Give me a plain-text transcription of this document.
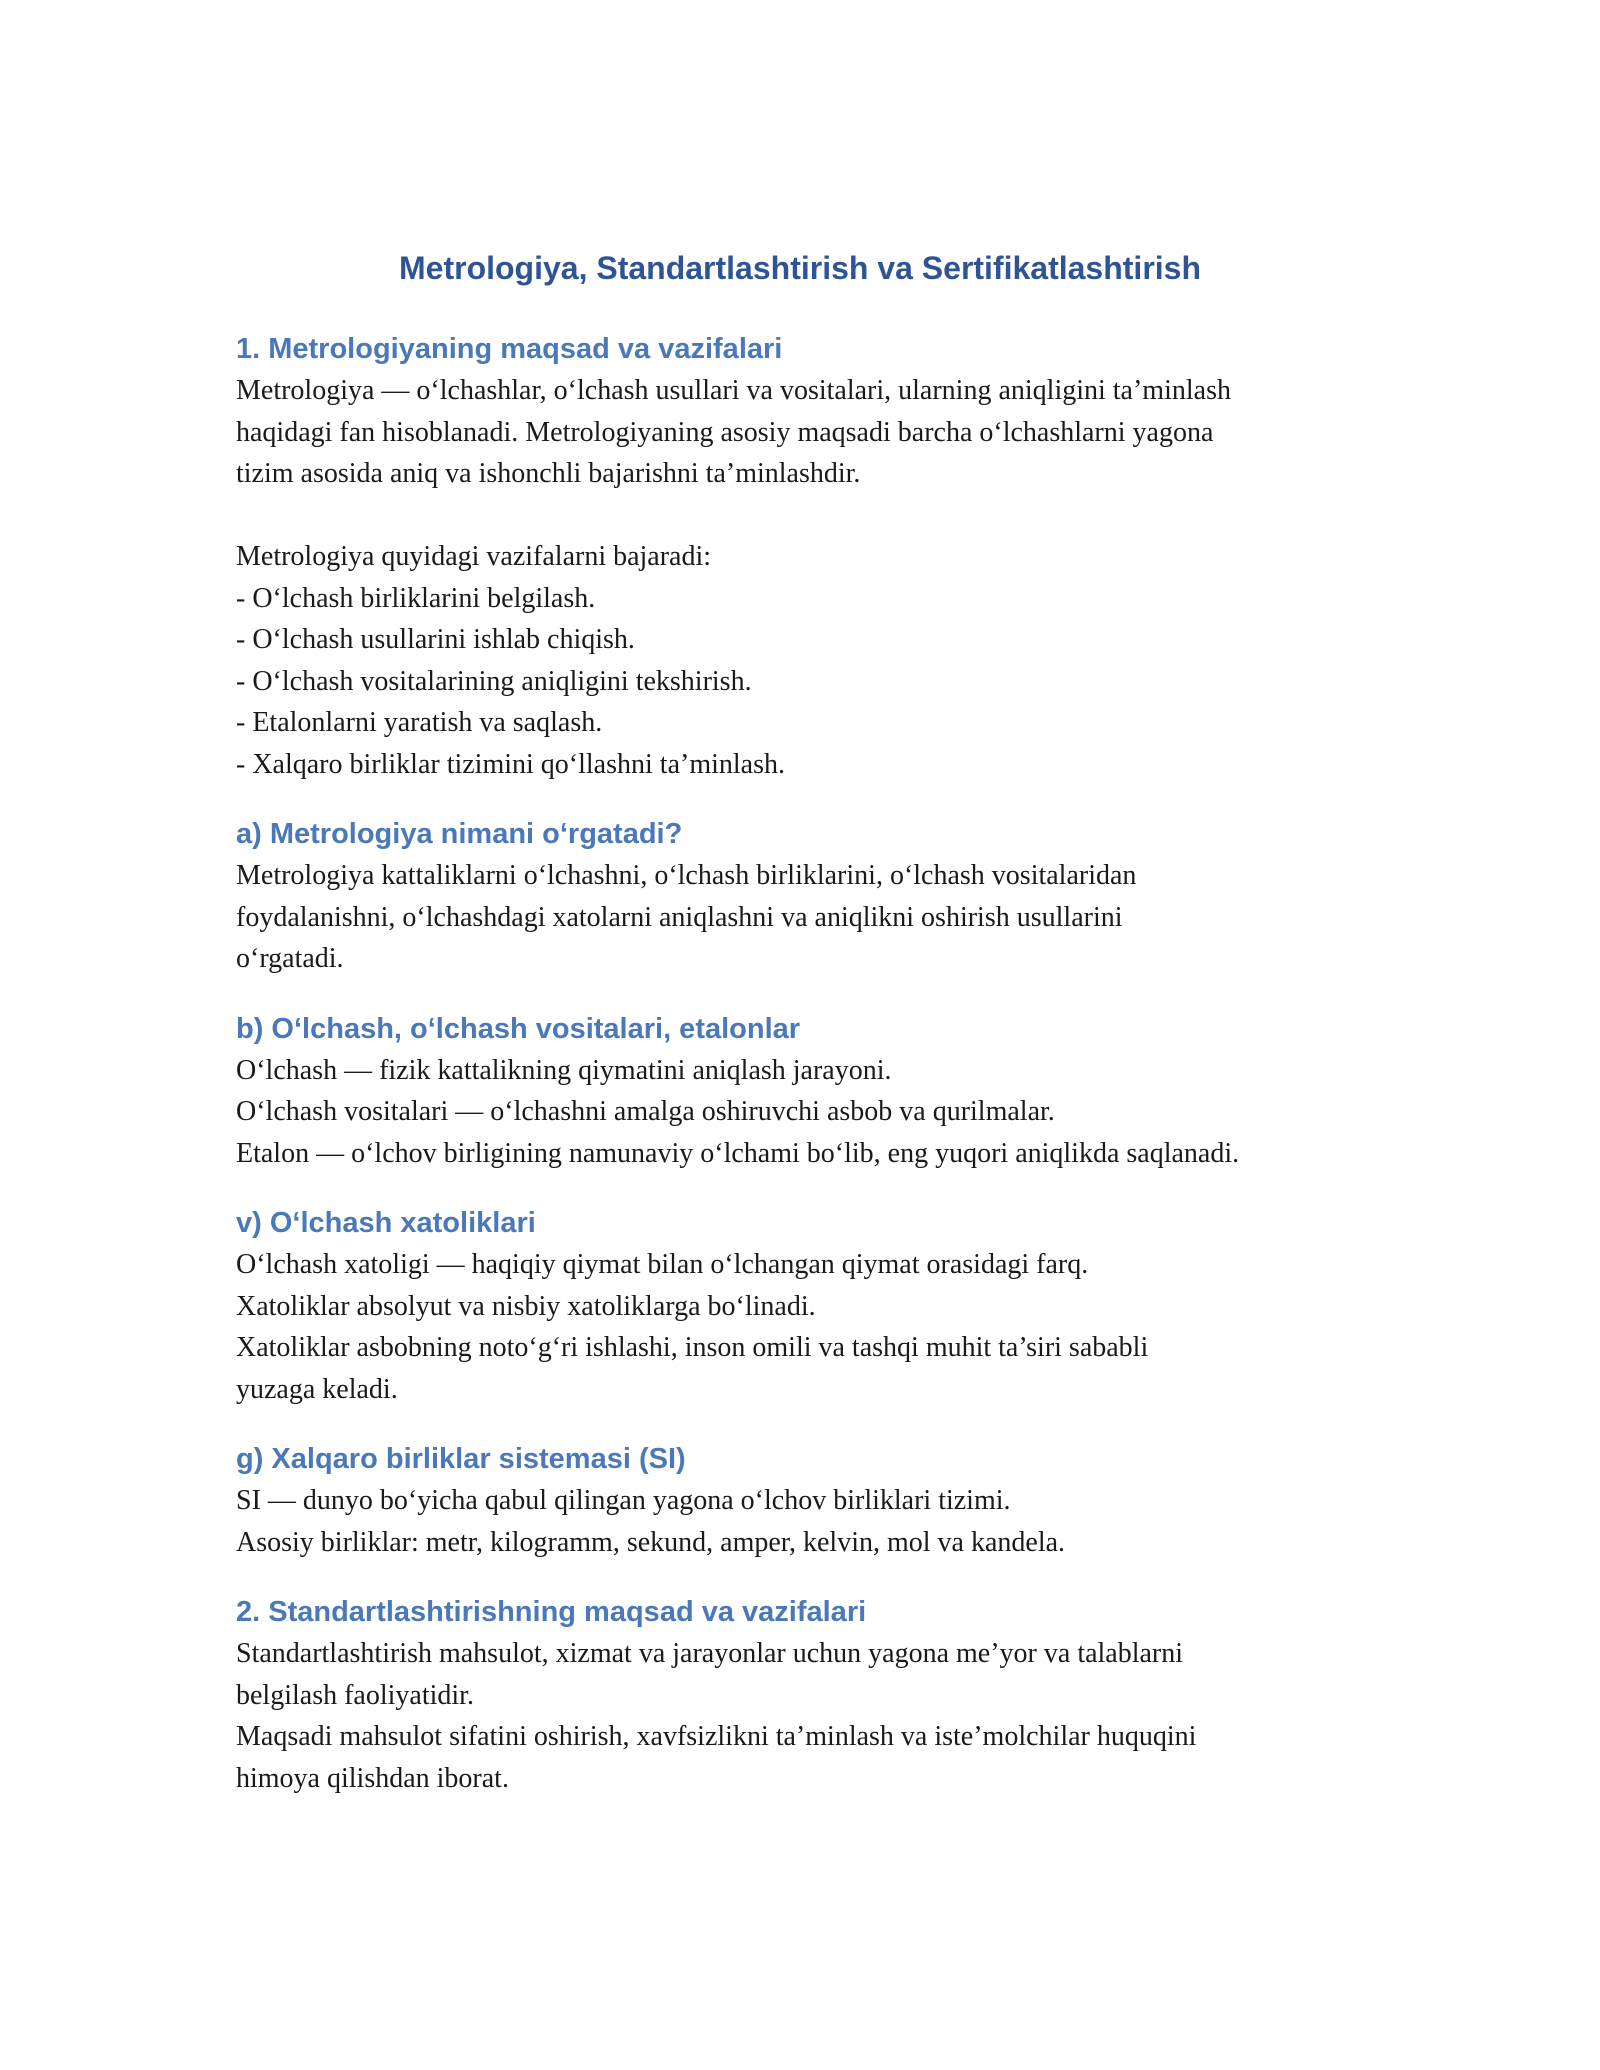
Metrologiya, Standartlashtirish va Sertifikatlashtirish
1. Metrologiyaning maqsad va vazifalari
Metrologiya — o‘lchashlar, o‘lchash usullari va vositalari, ularning aniqligini ta’minlash
haqidagi fan hisoblanadi. Metrologiyaning asosiy maqsadi barcha o‘lchashlarni yagona
tizim asosida aniq va ishonchli bajarishni ta’minlashdir.
Metrologiya quyidagi vazifalarni bajaradi:
- O‘lchash birliklarini belgilash.
- O‘lchash usullarini ishlab chiqish.
- O‘lchash vositalarining aniqligini tekshirish.
- Etalonlarni yaratish va saqlash.
- Xalqaro birliklar tizimini qo‘llashni ta’minlash.
a) Metrologiya nimani o‘rgatadi?
Metrologiya kattaliklarni o‘lchashni, o‘lchash birliklarini, o‘lchash vositalaridan
foydalanishni, o‘lchashdagi xatolarni aniqlashni va aniqlikni oshirish usullarini
o‘rgatadi.
b) O‘lchash, o‘lchash vositalari, etalonlar
O‘lchash — fizik kattalikning qiymatini aniqlash jarayoni.
O‘lchash vositalari — o‘lchashni amalga oshiruvchi asbob va qurilmalar.
Etalon — o‘lchov birligining namunaviy o‘lchami bo‘lib, eng yuqori aniqlikda saqlanadi.
v) O‘lchash xatoliklari
O‘lchash xatoligi — haqiqiy qiymat bilan o‘lchangan qiymat orasidagi farq.
Xatoliklar absolyut va nisbiy xatoliklarga bo‘linadi.
Xatoliklar asbobning noto‘g‘ri ishlashi, inson omili va tashqi muhit ta’siri sababli
yuzaga keladi.
g) Xalqaro birliklar sistemasi (SI)
SI — dunyo bo‘yicha qabul qilingan yagona o‘lchov birliklari tizimi.
Asosiy birliklar: metr, kilogramm, sekund, amper, kelvin, mol va kandela.
2. Standartlashtirishning maqsad va vazifalari
Standartlashtirish mahsulot, xizmat va jarayonlar uchun yagona me’yor va talablarni
belgilash faoliyatidir.
Maqsadi mahsulot sifatini oshirish, xavfsizlikni ta’minlash va iste’molchilar huquqini
himoya qilishdan iborat.
